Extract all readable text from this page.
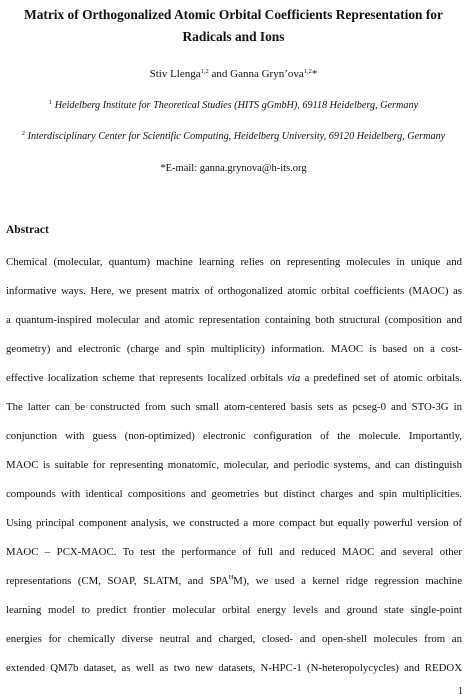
Matrix of Orthogonalized Atomic Orbital Coefficients Representation for
Radicals and Ions
Stiv Llenga$^{1,2}$ and Ganna Gryn’ova$^{1,2}$*
$^1$ Heidelberg Institute for Theoretical Studies (HITS gGmbH), 69118 Heidelberg, Germany
$^2$ Interdisciplinary Center for Scientific Computing, Heidelberg University, 69120 Heidelberg, Germany
*E-mail: ganna.grynova@h-its.org
Abstract
Chemical (molecular, quantum) machine learning relies on representing molecules in unique and
informative ways. Here, we present matrix of orthogonalized atomic orbital coefficients (MAOC) as
a quantum-inspired molecular and atomic representation containing both structural (composition and
geometry) and electronic (charge and spin multiplicity) information. MAOC is based on a cost-
effective localization scheme that represents localized orbitals via a predefined set of atomic orbitals.
The latter can be constructed from such small atom-centered basis sets as pcseg-0 and STO-3G in
conjunction with guess (non-optimized) electronic configuration of the molecule. Importantly,
MAOC is suitable for representing monatomic, molecular, and periodic systems, and can distinguish
compounds with identical compositions and geometries but distinct charges and spin multiplicities.
Using principal component analysis, we constructed a more compact but equally powerful version of
MAOC – PCX-MAOC. To test the performance of full and reduced MAOC and several other
representations (CM, SOAP, SLATM, and $SPA^HM$), we used a kernel ridge regression machine
learning model to predict frontier molecular orbital energy levels and ground state single-point
energies for chemically diverse neutral and charged, closed- and open-shell molecules from an
extended QM7b dataset, as well as two new datasets, N-HPC-1 (N-heteropolycycles) and REDOX
1
